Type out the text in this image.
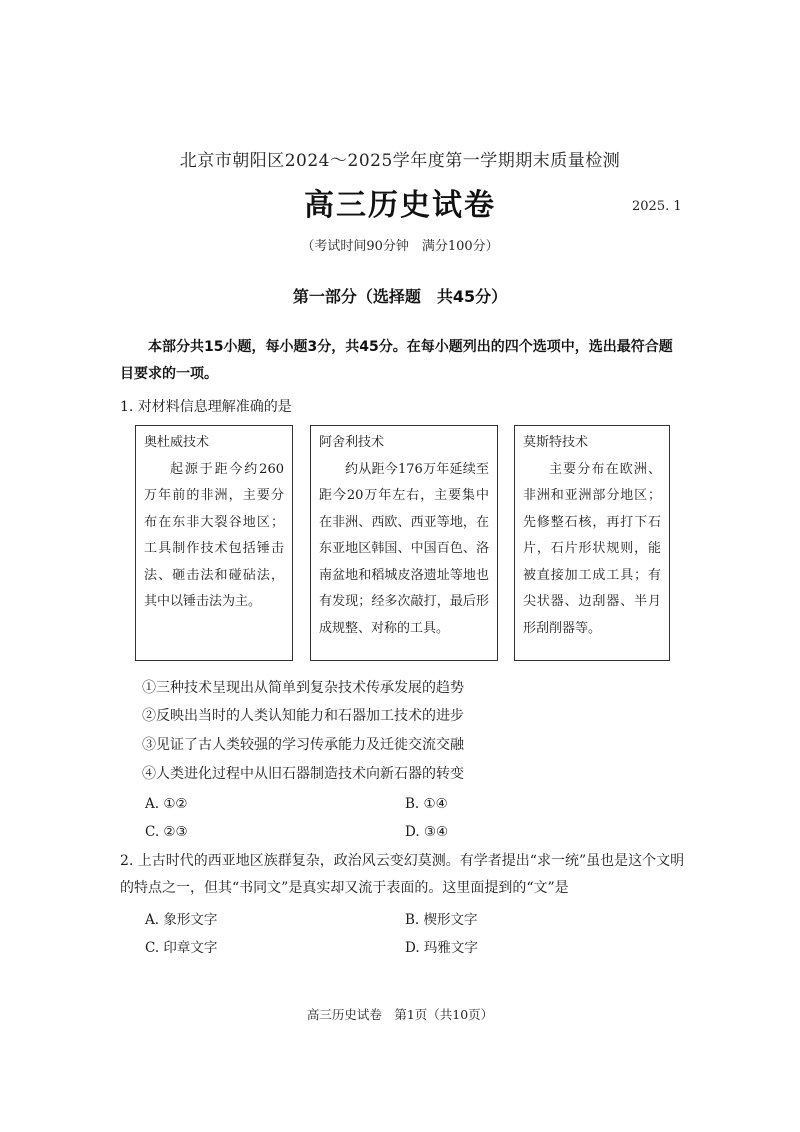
北京市朝阳区2024～2025学年度第一学期期末质量检测
高三历史试卷	2025. 1
（考试时间90分钟　满分100分）
第一部分（选择题　共45分）
本部分共15小题，每小题3分，共45分。在每小题列出的四个选项中，选出最符合题目要求的一项。
1. 对材料信息理解准确的是
奥杜威技术
起源于距今约260万年前的非洲，主要分布在东非大裂谷地区；工具制作技术包括锤击法、砸击法和碰砧法，其中以锤击法为主。
阿舍利技术
约从距今176万年延续至距今20万年左右，主要集中在非洲、西欧、西亚等地，在东亚地区韩国、中国百色、洛南盆地和稻城皮洛遗址等地也有发现；经多次敲打，最后形成规整、对称的工具。
莫斯特技术
主要分布在欧洲、非洲和亚洲部分地区；先修整石核，再打下石片，石片形状规则，能被直接加工成工具；有尖状器、边刮器、半月形刮削器等。
①三种技术呈现出从简单到复杂技术传承发展的趋势
②反映出当时的人类认知能力和石器加工技术的进步
③见证了古人类较强的学习传承能力及迁徙交流交融
④人类进化过程中从旧石器制造技术向新石器的转变
A. ①②	B. ①④
C. ②③	D. ③④
2. 上古时代的西亚地区族群复杂，政治风云变幻莫测。有学者提出“求一统”虽也是这个文明的特点之一，但其“书同文”是真实却又流于表面的。这里面提到的“文”是
A. 象形文字	B. 楔形文字
C. 印章文字	D. 玛雅文字
高三历史试卷　第1页（共10页）
